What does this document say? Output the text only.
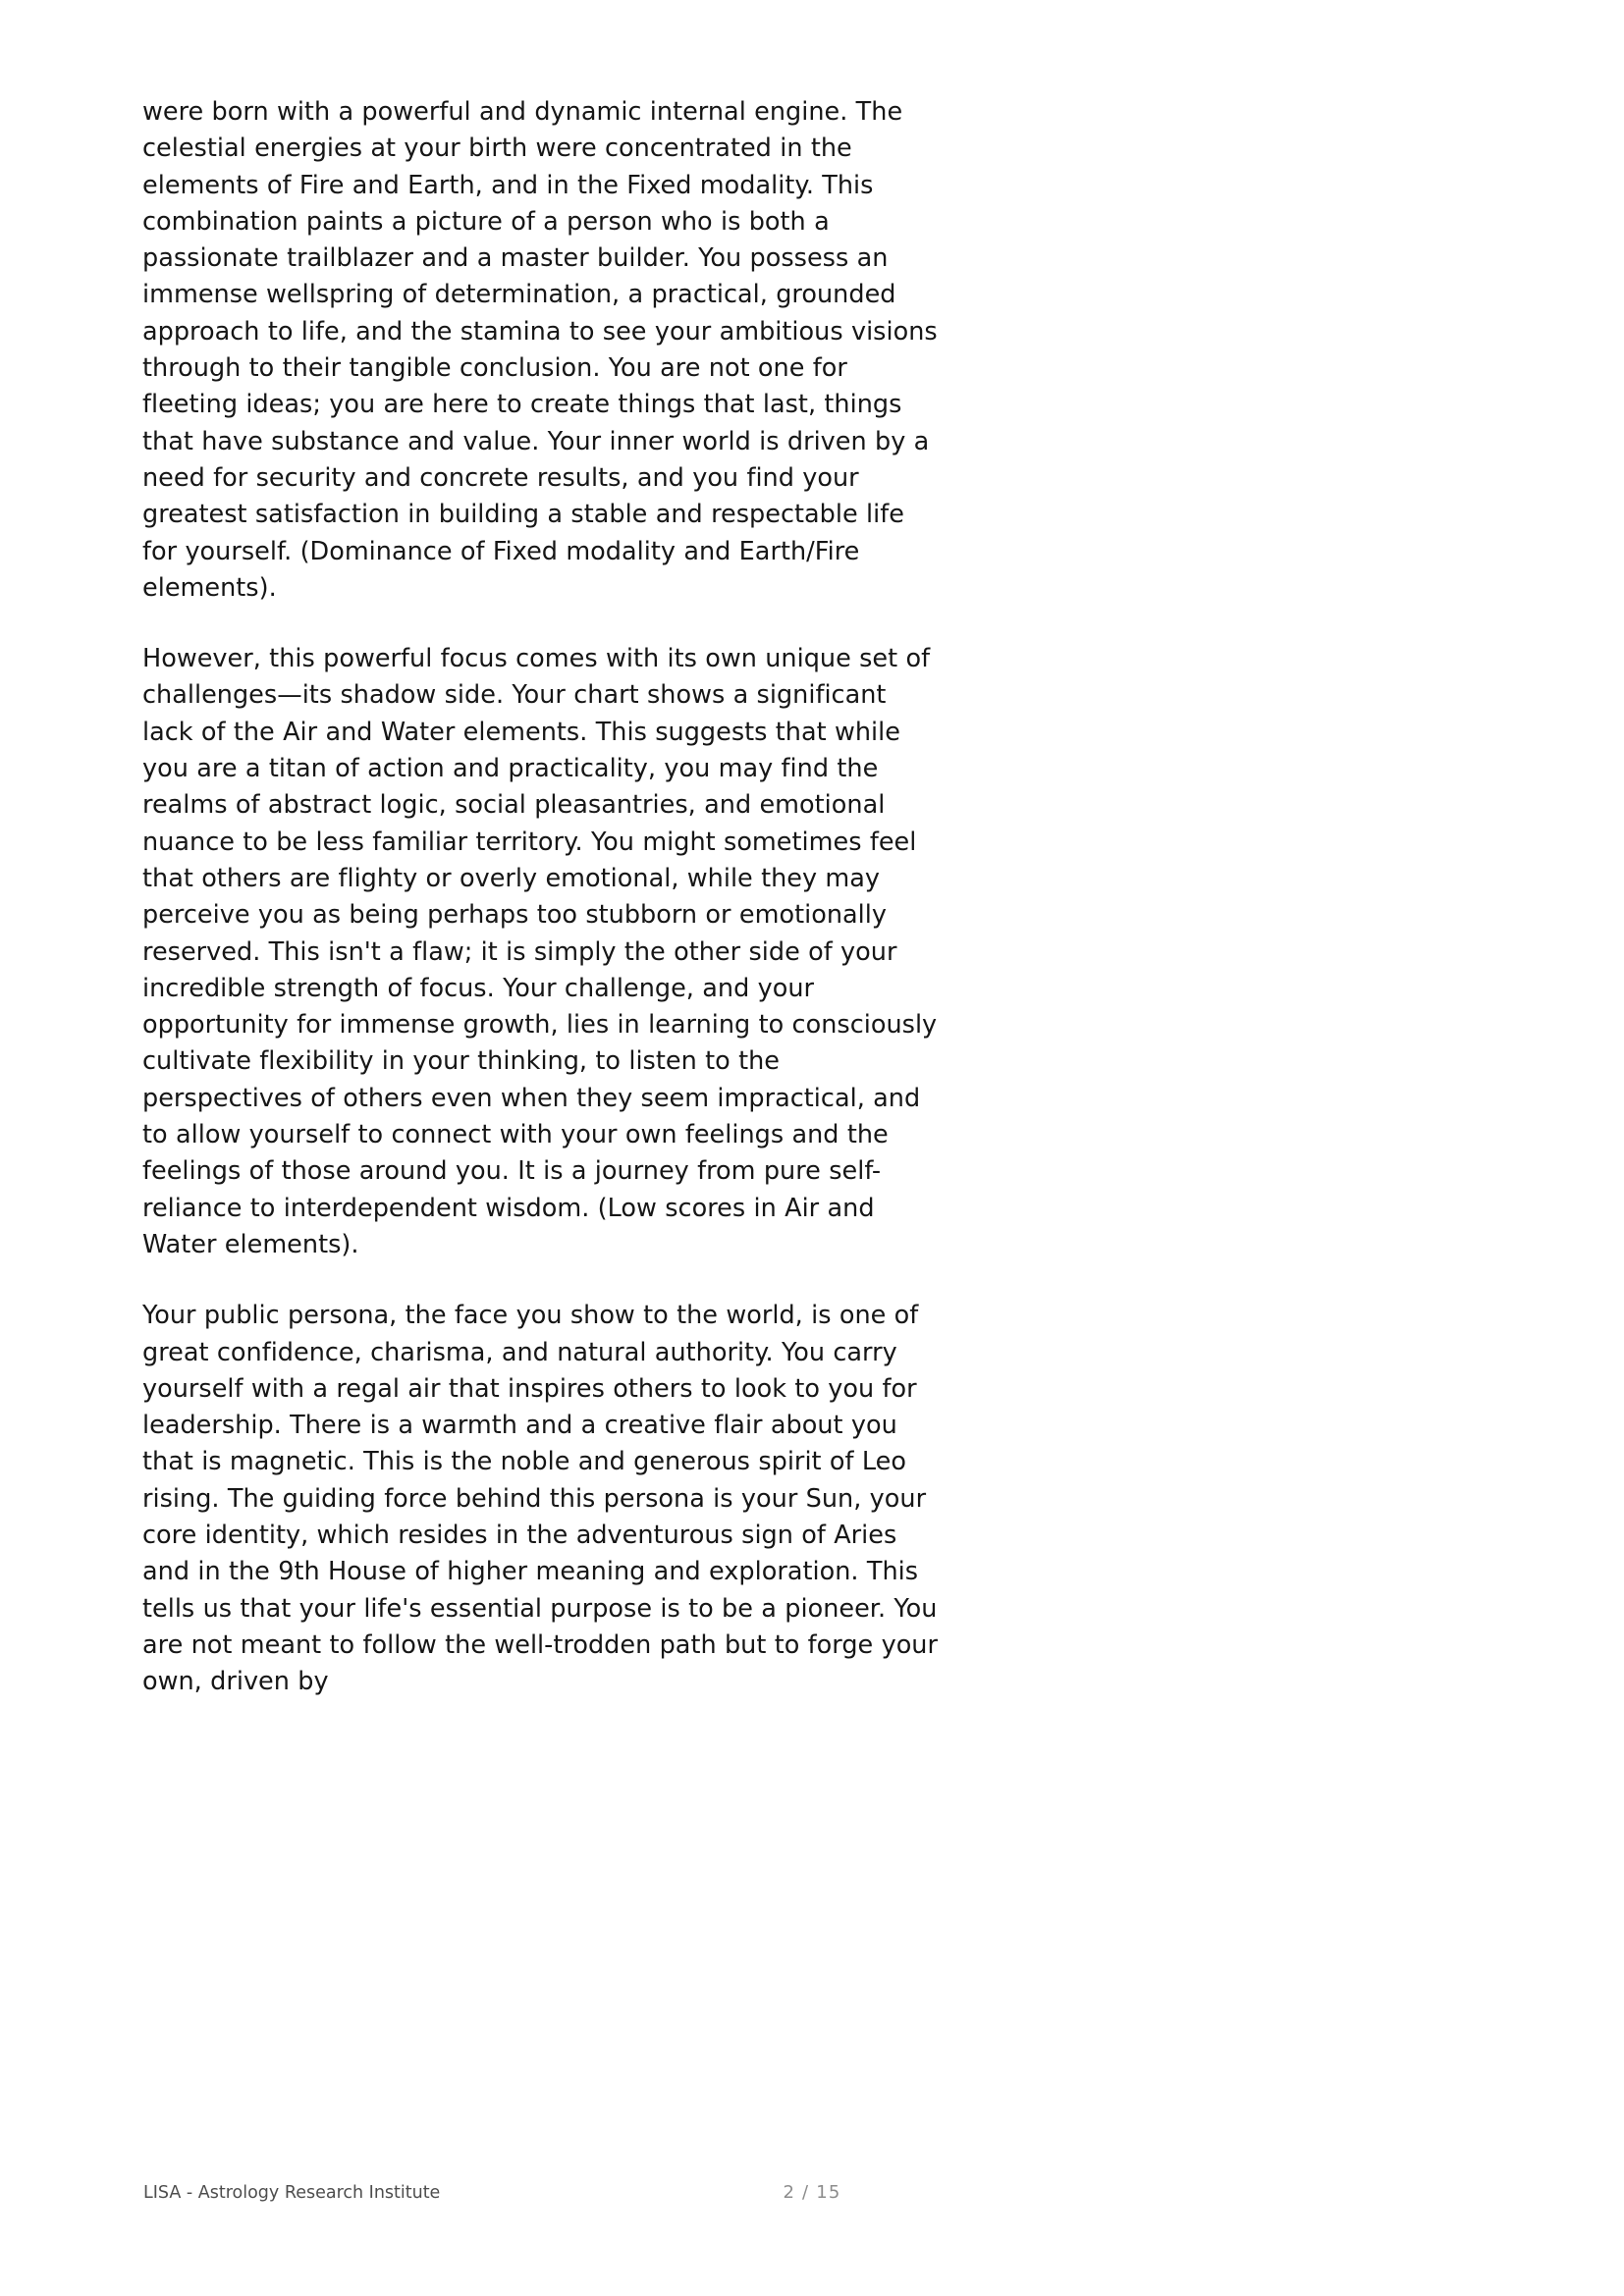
were born with a powerful and dynamic internal engine. The celestial energies at your birth were concentrated in the elements of Fire and Earth, and in the Fixed modality. This combination paints a picture of a person who is both a passionate trailblazer and a master builder. You possess an immense wellspring of determination, a practical, grounded approach to life, and the stamina to see your ambitious visions through to their tangible conclusion. You are not one for fleeting ideas; you are here to create things that last, things that have substance and value. Your inner world is driven by a need for security and concrete results, and you find your greatest satisfaction in building a stable and respectable life for yourself. (Dominance of Fixed modality and Earth/Fire elements).

However, this powerful focus comes with its own unique set of challenges—its shadow side. Your chart shows a significant lack of the Air and Water elements. This suggests that while you are a titan of action and practicality, you may find the realms of abstract logic, social pleasantries, and emotional nuance to be less familiar territory. You might sometimes feel that others are flighty or overly emotional, while they may perceive you as being perhaps too stubborn or emotionally reserved. This isn't a flaw; it is simply the other side of your incredible strength of focus. Your challenge, and your opportunity for immense growth, lies in learning to consciously cultivate flexibility in your thinking, to listen to the perspectives of others even when they seem impractical, and to allow yourself to connect with your own feelings and the feelings of those around you. It is a journey from pure self-reliance to interdependent wisdom. (Low scores in Air and Water elements).

Your public persona, the face you show to the world, is one of great confidence, charisma, and natural authority. You carry yourself with a regal air that inspires others to look to you for leadership. There is a warmth and a creative flair about you that is magnetic. This is the noble and generous spirit of Leo rising. The guiding force behind this persona is your Sun, your core identity, which resides in the adventurous sign of Aries and in the 9th House of higher meaning and exploration. This tells us that your life's essential purpose is to be a pioneer. You are not meant to follow the well-trodden path but to forge your own, driven by

LISA - Astrology Research Institute	2 / 15
